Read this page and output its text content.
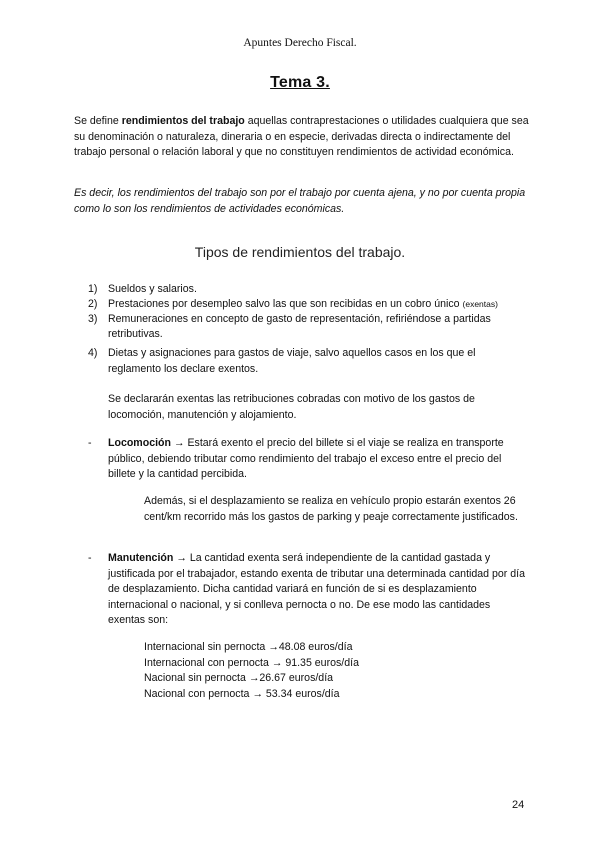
Apuntes Derecho Fiscal.
Tema 3.
Se define rendimientos del trabajo aquellas contraprestaciones o utilidades cualquiera que sea su denominación o naturaleza, dineraria o en especie, derivadas directa o indirectamente del trabajo personal o relación laboral y que no constituyen rendimientos de actividad económica.
Es decir, los rendimientos del trabajo son por el trabajo por cuenta ajena, y no por cuenta propia como lo son los rendimientos de actividades económicas.
Tipos de rendimientos del trabajo.
1) Sueldos y salarios.
2) Prestaciones por desempleo salvo las que son recibidas en un cobro único (exentas)
3) Remuneraciones en concepto de gasto de representación, refiriéndose a partidas retributivas.
4) Dietas y asignaciones para gastos de viaje, salvo aquellos casos en los que el reglamento los declare exentos.
Se declararán exentas las retribuciones cobradas con motivo de los gastos de locomoción, manutención y alojamiento.
-	Locomoción → Estará exento el precio del billete si el viaje se realiza en transporte público, debiendo tributar como rendimiento del trabajo el exceso entre el precio del billete y la cantidad percibida.
Además, si el desplazamiento se realiza en vehículo propio estarán exentos 26 cent/km recorrido más los gastos de parking y peaje correctamente justificados.
-	Manutención → La cantidad exenta será independiente de la cantidad gastada y justificada por el trabajador, estando exenta de tributar una determinada cantidad por día de desplazamiento. Dicha cantidad variará en función de si es desplazamiento internacional o nacional, y si conlleva pernocta o no. De ese modo las cantidades exentas son:
Internacional sin pernocta →48.08 euros/día
Internacional con pernocta → 91.35 euros/día
Nacional sin pernocta →26.67 euros/día
Nacional con pernocta → 53.34 euros/día
24
